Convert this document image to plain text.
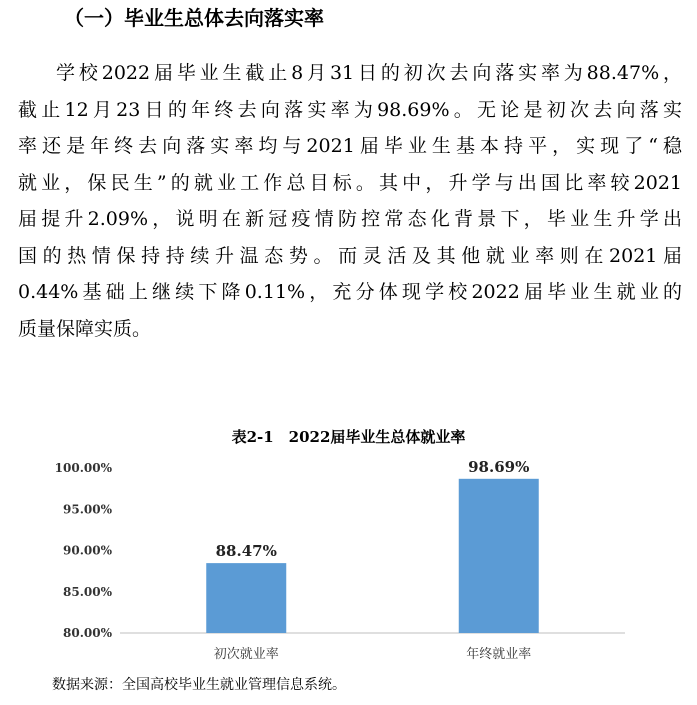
（一）毕业生总体去向落实率
学校2022届毕业生截止8月31日的初次去向落实率为88.47%，
截止12月23日的年终去向落实率为98.69%。无论是初次去向落实
率还是年终去向落实率均与2021届毕业生基本持平，实现了“稳
就业，保民生”的就业工作总目标。其中，升学与出国比率较2021
届提升2.09%，说明在新冠疫情防控常态化背景下，毕业生升学出
国的热情保持持续升温态势。而灵活及其他就业率则在2021届
0.44%基础上继续下降0.11%，充分体现学校2022届毕业生就业的
质量保障实质。
表2-1　2022届毕业生总体就业率
80.00%
85.00%
90.00%
95.00%
100.00%
88.47%
初次就业率
98.69%
年终就业率
数据来源：全国高校毕业生就业管理信息系统。
